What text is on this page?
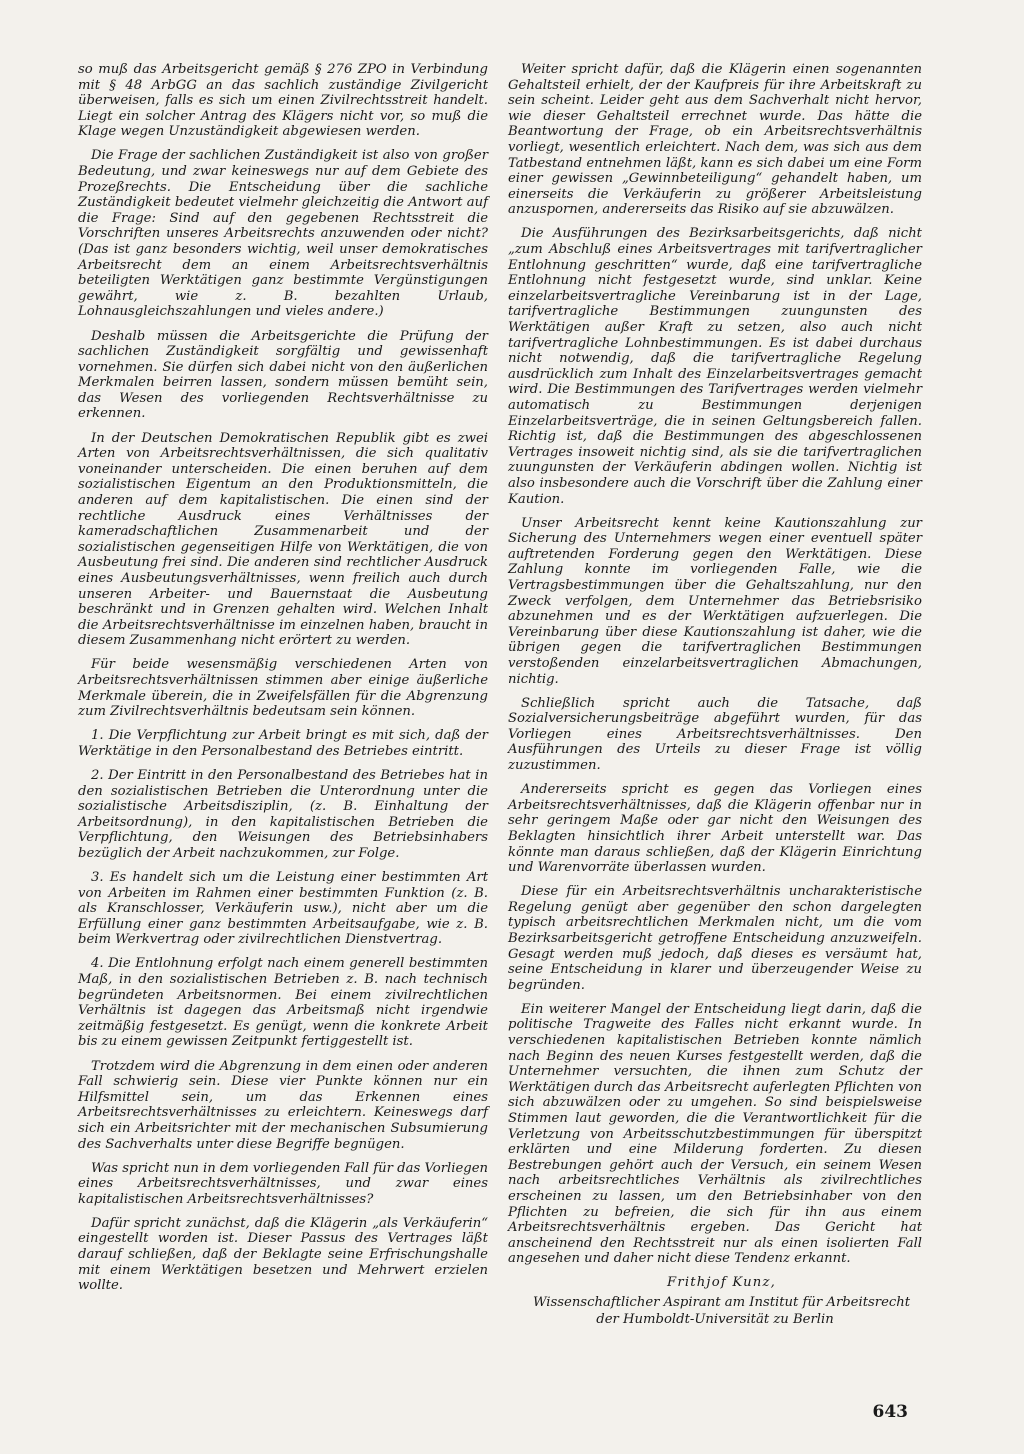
so muß das Arbeitsgericht gemäß § 276 ZPO in Verbindung mit § 48 ArbGG an das sachlich zuständige Zivilgericht überweisen, falls es sich um einen Zivilrechtsstreit handelt. Liegt ein solcher Antrag des Klägers nicht vor, so muß die Klage wegen Unzuständigkeit abgewiesen werden.

Die Frage der sachlichen Zuständigkeit ist also von großer Bedeutung, und zwar keineswegs nur auf dem Gebiete des Prozeßrechts. Die Entscheidung über die sachliche Zuständigkeit bedeutet vielmehr gleichzeitig die Antwort auf die Frage: Sind auf den gegebenen Rechtsstreit die Vorschriften unseres Arbeitsrechts anzuwenden oder nicht? (Das ist ganz besonders wichtig, weil unser demokratisches Arbeitsrecht dem an einem Arbeitsrechtsverhältnis beteiligten Werktätigen ganz bestimmte Vergünstigungen gewährt, wie z. B. bezahlten Urlaub, Lohnausgleichszahlungen und vieles andere.)

Deshalb müssen die Arbeitsgerichte die Prüfung der sachlichen Zuständigkeit sorgfältig und gewissenhaft vornehmen. Sie dürfen sich dabei nicht von den äußerlichen Merkmalen beirren lassen, sondern müssen bemüht sein, das Wesen des vorliegenden Rechtsverhältnisse zu erkennen.

In der Deutschen Demokratischen Republik gibt es zwei Arten von Arbeitsrechtsverhältnissen, die sich qualitativ voneinander unterscheiden. Die einen beruhen auf dem sozialistischen Eigentum an den Produktionsmitteln, die anderen auf dem kapitalistischen. Die einen sind der rechtliche Ausdruck eines Verhältnisses der kameradschaftlichen Zusammenarbeit und der sozialistischen gegenseitigen Hilfe von Werktätigen, die von Ausbeutung frei sind. Die anderen sind rechtlicher Ausdruck eines Ausbeutungsverhältnisses, wenn freilich auch durch unseren Arbeiter- und Bauernstaat die Ausbeutung beschränkt und in Grenzen gehalten wird. Welchen Inhalt die Arbeitsrechtsverhältnisse im einzelnen haben, braucht in diesem Zusammenhang nicht erörtert zu werden.

Für beide wesensmäßig verschiedenen Arten von Arbeitsrechtsverhältnissen stimmen aber einige äußerliche Merkmale überein, die in Zweifelsfällen für die Abgrenzung zum Zivilrechtsverhältnis bedeutsam sein können.

1. Die Verpflichtung zur Arbeit bringt es mit sich, daß der Werktätige in den Personalbestand des Betriebes eintritt.

2. Der Eintritt in den Personalbestand des Betriebes hat in den sozialistischen Betrieben die Unterordnung unter die sozialistische Arbeitsdisziplin, (z. B. Einhaltung der Arbeitsordnung), in den kapitalistischen Betrieben die Verpflichtung, den Weisungen des Betriebsinhabers bezüglich der Arbeit nachzukommen, zur Folge.

3. Es handelt sich um die Leistung einer bestimmten Art von Arbeiten im Rahmen einer bestimmten Funktion (z. B. als Kranschlosser, Verkäuferin usw.), nicht aber um die Erfüllung einer ganz bestimmten Arbeitsaufgabe, wie z. B. beim Werkvertrag oder zivilrechtlichen Dienstvertrag.

4. Die Entlohnung erfolgt nach einem generell bestimmten Maß, in den sozialistischen Betrieben z. B. nach technisch begründeten Arbeitsnormen. Bei einem zivilrechtlichen Verhältnis ist dagegen das Arbeitsmaß nicht irgendwie zeitmäßig festgesetzt. Es genügt, wenn die konkrete Arbeit bis zu einem gewissen Zeitpunkt fertiggestellt ist.

Trotzdem wird die Abgrenzung in dem einen oder anderen Fall schwierig sein. Diese vier Punkte können nur ein Hilfsmittel sein, um das Erkennen eines Arbeitsrechtsverhältnisses zu erleichtern. Keineswegs darf sich ein Arbeitsrichter mit der mechanischen Subsumierung des Sachverhalts unter diese Begriffe begnügen.

Was spricht nun in dem vorliegenden Fall für das Vorliegen eines Arbeitsrechtsverhältnisses, und zwar eines kapitalistischen Arbeitsrechtsverhältnisses?

Dafür spricht zunächst, daß die Klägerin „als Verkäuferin“ eingestellt worden ist. Dieser Passus des Vertrages läßt darauf schließen, daß der Beklagte seine Erfrischungshalle mit einem Werktätigen besetzen und Mehrwert erzielen wollte.

Weiter spricht dafür, daß die Klägerin einen sogenannten Gehaltsteil erhielt, der der Kaufpreis für ihre Arbeitskraft zu sein scheint. Leider geht aus dem Sachverhalt nicht hervor, wie dieser Gehaltsteil errechnet wurde. Das hätte die Beantwortung der Frage, ob ein Arbeitsrechtsverhältnis vorliegt, wesentlich erleichtert. Nach dem, was sich aus dem Tatbestand entnehmen läßt, kann es sich dabei um eine Form einer gewissen „Gewinnbeteiligung“ gehandelt haben, um einerseits die Verkäuferin zu größerer Arbeitsleistung anzuspornen, andererseits das Risiko auf sie abzuwälzen.

Die Ausführungen des Bezirksarbeitsgerichts, daß nicht „zum Abschluß eines Arbeitsvertrages mit tarifvertraglicher Entlohnung geschritten“ wurde, daß eine tarifvertragliche Entlohnung nicht festgesetzt wurde, sind unklar. Keine einzelarbeitsvertragliche Vereinbarung ist in der Lage, tarifvertragliche Bestimmungen zuungunsten des Werktätigen außer Kraft zu setzen, also auch nicht tarifvertragliche Lohnbestimmungen. Es ist dabei durchaus nicht notwendig, daß die tarifvertragliche Regelung ausdrücklich zum Inhalt des Einzelarbeitsvertrages gemacht wird. Die Bestimmungen des Tarifvertrages werden vielmehr automatisch zu Bestimmungen derjenigen Einzelarbeitsverträge, die in seinen Geltungsbereich fallen. Richtig ist, daß die Bestimmungen des abgeschlossenen Vertrages insoweit nichtig sind, als sie die tarifvertraglichen zuungunsten der Verkäuferin abdingen wollen. Nichtig ist also insbesondere auch die Vorschrift über die Zahlung einer Kaution.

Unser Arbeitsrecht kennt keine Kautionszahlung zur Sicherung des Unternehmers wegen einer eventuell später auftretenden Forderung gegen den Werktätigen. Diese Zahlung konnte im vorliegenden Falle, wie die Vertragsbestimmungen über die Gehaltszahlung, nur den Zweck verfolgen, dem Unternehmer das Betriebsrisiko abzunehmen und es der Werktätigen aufzuerlegen. Die Vereinbarung über diese Kautionszahlung ist daher, wie die übrigen gegen die tarifvertraglichen Bestimmungen verstoßenden einzelarbeitsvertraglichen Abmachungen, nichtig.

Schließlich spricht auch die Tatsache, daß Sozialversicherungsbeiträge abgeführt wurden, für das Vorliegen eines Arbeitsrechtsverhältnisses. Den Ausführungen des Urteils zu dieser Frage ist völlig zuzustimmen.

Andererseits spricht es gegen das Vorliegen eines Arbeitsrechtsverhältnisses, daß die Klägerin offenbar nur in sehr geringem Maße oder gar nicht den Weisungen des Beklagten hinsichtlich ihrer Arbeit unterstellt war. Das könnte man daraus schließen, daß der Klägerin Einrichtung und Warenvorräte überlassen wurden.

Diese für ein Arbeitsrechtsverhältnis uncharakteristische Regelung genügt aber gegenüber den schon dargelegten typisch arbeitsrechtlichen Merkmalen nicht, um die vom Bezirksarbeitsgericht getroffene Entscheidung anzuzweifeln. Gesagt werden muß jedoch, daß dieses es versäumt hat, seine Entscheidung in klarer und überzeugender Weise zu begründen.

Ein weiterer Mangel der Entscheidung liegt darin, daß die politische Tragweite des Falles nicht erkannt wurde. In verschiedenen kapitalistischen Betrieben konnte nämlich nach Beginn des neuen Kurses festgestellt werden, daß die Unternehmer versuchten, die ihnen zum Schutz der Werktätigen durch das Arbeitsrecht auferlegten Pflichten von sich abzuwälzen oder zu umgehen. So sind beispielsweise Stimmen laut geworden, die die Verantwortlichkeit für die Verletzung von Arbeitsschutzbestimmungen für überspitzt erklärten und eine Milderung forderten. Zu diesen Bestrebungen gehört auch der Versuch, ein seinem Wesen nach arbeitsrechtliches Verhältnis als zivilrechtliches erscheinen zu lassen, um den Betriebsinhaber von den Pflichten zu befreien, die sich für ihn aus einem Arbeitsrechtsverhältnis ergeben. Das Gericht hat anscheinend den Rechtsstreit nur als einen isolierten Fall angesehen und daher nicht diese Tendenz erkannt.

Frithjof Kunz,

Wissenschaftlicher Aspirant am Institut für Arbeitsrecht der Humboldt-Universität zu Berlin

643
